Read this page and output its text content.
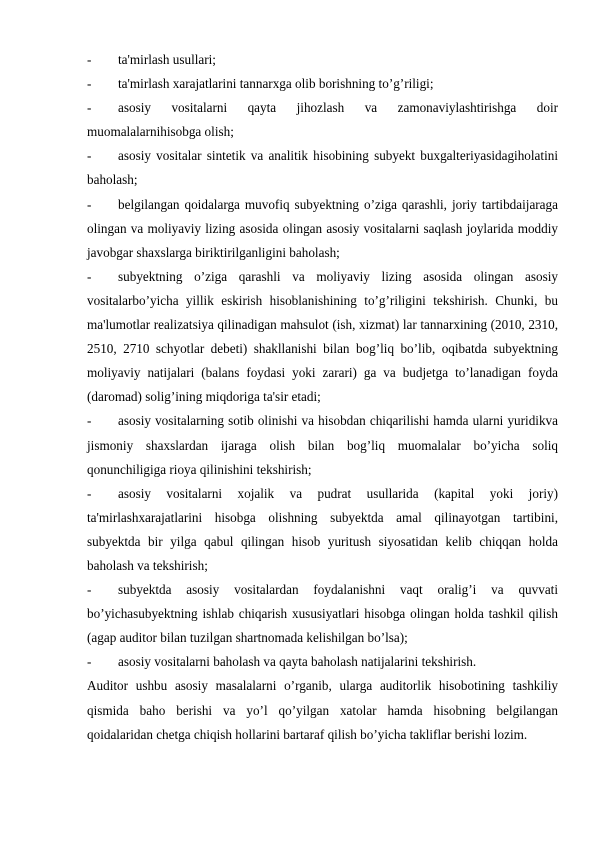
-	ta'mirlash usullari;

-	ta'mirlash xarajatlarini tannarxga olib borishning to’g’riligi;

-	asosiy vositalarni qayta jihozlash va zamonaviylashtirishga doir muomalalarnihisobga olish;

-	asosiy vositalar sintetik va analitik hisobining subyekt buxgalteriyasidagiholatini baholash;

-	belgilangan qoidalarga muvofiq subyektning o’ziga qarashli, joriy tartibdaijaraga olingan va moliyaviy lizing asosida olingan asosiy vositalarni saqlash joylarida moddiy javobgar shaxslarga biriktirilganligini baholash;

-	subyektning o’ziga qarashli va moliyaviy lizing asosida olingan asosiy vositalarbo’yicha yillik eskirish hisoblanishining to’g’riligini tekshirish. Chunki, bu ma'lumotlar realizatsiya qilinadigan mahsulot (ish, xizmat) lar tannarxining (2010, 2310, 2510, 2710 schyotlar debeti) shakllanishi bilan bog’liq bo’lib, oqibatda subyektning moliyaviy natijalari (balans foydasi yoki zarari) ga va budjetga to’lanadigan foyda (daromad) solig’ining miqdoriga ta'sir etadi;

-	asosiy vositalarning sotib olinishi va hisobdan chiqarilishi hamda ularni yuridikva jismoniy shaxslardan ijaraga olish bilan bog’liq muomalalar bo’yicha soliq qonunchiligiga rioya qilinishini tekshirish;

-	asosiy vositalarni xojalik va pudrat usullarida (kapital yoki joriy) ta'mirlashxarajatlarini hisobga olishning subyektda amal qilinayotgan tartibini, subyektda bir yilga qabul qilingan hisob yuritush siyosatidan kelib chiqqan holda baholash va tekshirish;

-	subyektda asosiy vositalardan foydalanishni vaqt oralig’i va quvvati bo’yichasubyektning ishlab chiqarish xususiyatlari hisobga olingan holda tashkil qilish (agap auditor bilan tuzilgan shartnomada kelishilgan bo’lsa);

-	asosiy vositalarni baholash va qayta baholash natijalarini tekshirish.

Auditor ushbu asosiy masalalarni o’rganib, ularga auditorlik hisobotining tashkiliy qismida baho berishi va yo’l qo’yilgan xatolar hamda hisobning belgilangan qoidalaridan chetga chiqish hollarini bartaraf qilish bo’yicha takliflar berishi lozim.
